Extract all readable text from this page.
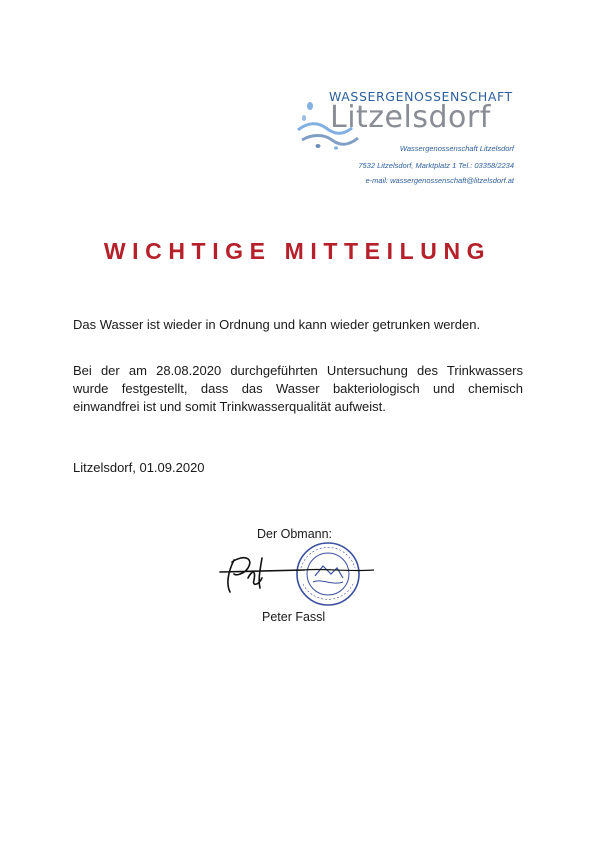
WASSERGENOSSENSCHAFT
Litzelsdorf
Wassergenossenschaft Litzelsdorf
7532 Litzelsdorf, Marktplatz 1 Tel.: 03358/2234
e-mail: wassergenossenschaft@litzelsdorf.at
WICHTIGE MITTEILUNG
Das Wasser ist wieder in Ordnung und kann wieder getrunken werden.
Bei der am 28.08.2020 durchgeführten Untersuchung des Trinkwassers wurde festgestellt, dass das Wasser bakteriologisch und chemisch einwandfrei ist und somit Trinkwasserqualität aufweist.
Litzelsdorf, 01.09.2020
Der Obmann:
Peter Fassl
